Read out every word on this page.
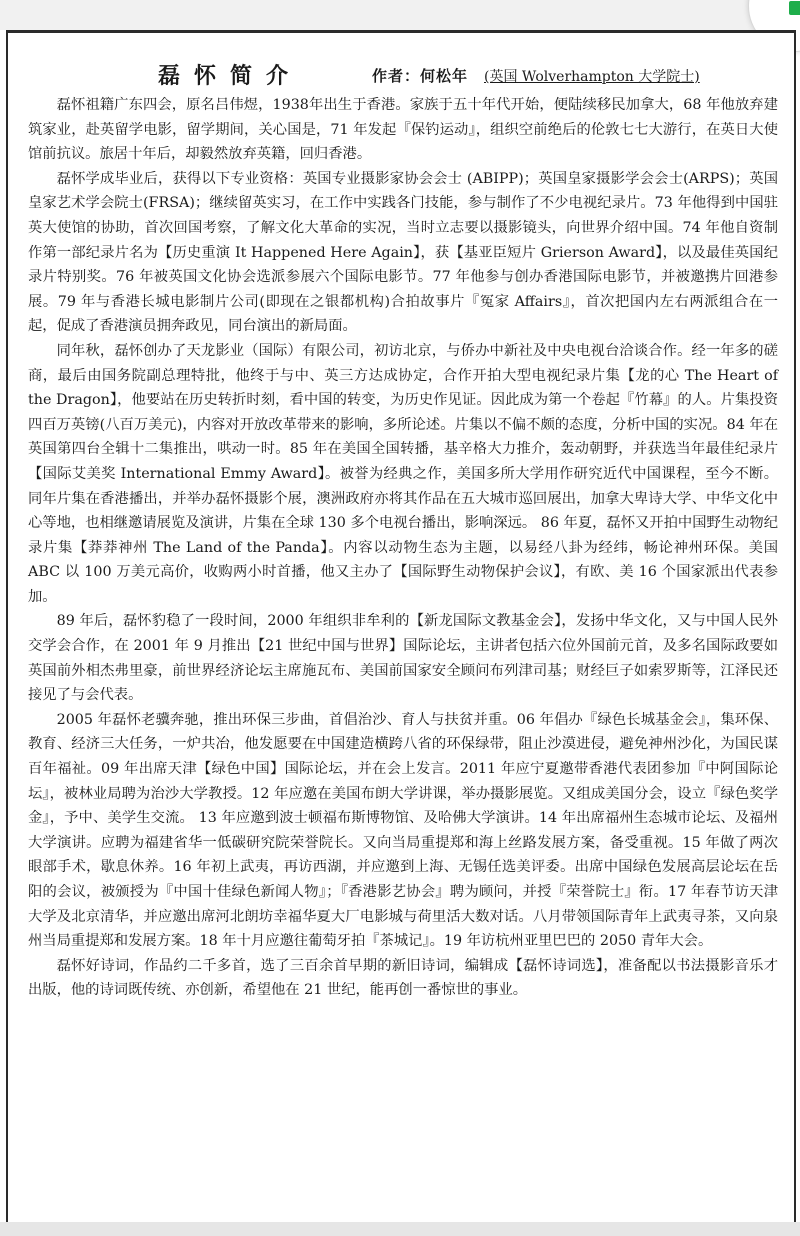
磊怀简介	作者：何松年 (英国 Wolverhampton 大学院士)

磊怀祖籍广东四会，原名吕伟煜，1938年出生于香港。家族于五十年代开始，便陆续移民加拿大，68 年他放弃建筑家业，赴英留学电影，留学期间，关心国是，71 年发起『保钓运动』，组织空前绝后的伦敦七七大游行，在英日大使馆前抗议。旅居十年后，却毅然放弃英籍，回归香港。

磊怀学成毕业后，获得以下专业资格：英国专业摄影家协会会士 (ABIPP)；英国皇家摄影学会会士(ARPS)；英国皇家艺术学会院士(FRSA)；继续留英实习，在工作中实践各门技能，参与制作了不少电视纪录片。73 年他得到中国驻英大使馆的协助，首次回国考察，了解文化大革命的实况，当时立志要以摄影镜头，向世界介绍中国。74 年他自资制作第一部纪录片名为【历史重演 It Happened Here Again】，获【基亚臣短片 Grierson Award】，以及最佳英国纪录片特别奖。76 年被英国文化协会选派参展六个国际电影节。77 年他参与创办香港国际电影节，并被邀携片回港参展。79 年与香港长城电影制片公司(即现在之银都机构)合拍故事片『冤家 Affairs』，首次把国内左右两派组合在一起，促成了香港演员拥奔政见，同台演出的新局面。

同年秋，磊怀创办了天龙影业（国际）有限公司，初访北京，与侨办中新社及中央电视台洽谈合作。经一年多的磋商，最后由国务院副总理特批，他终于与中、英三方达成协定，合作开拍大型电视纪录片集【龙的心 The Heart of the Dragon】，他要站在历史转折时刻，看中国的转变，为历史作见证。因此成为第一个卷起『竹幕』的人。片集投资四百万英镑(八百万美元)，内容对开放改革带来的影响，多所论述。片集以不偏不颇的态度，分析中国的实况。84 年在英国第四台全辑十二集推出，哄动一时。85 年在美国全国转播，基辛格大力推介，轰动朝野，并获选当年最佳纪录片【国际艾美奖 International Emmy Award】。被誉为经典之作，美国多所大学用作研究近代中国课程，至今不断。同年片集在香港播出，并举办磊怀摄影个展，澳洲政府亦将其作品在五大城市巡回展出，加拿大卑诗大学、中华文化中心等地，也相继邀请展览及演讲，片集在全球 130 多个电视台播出，影响深远。 86 年夏，磊怀又开拍中国野生动物纪录片集【莽莽神州 The Land of the Panda】。内容以动物生态为主题，以易经八卦为经纬，畅论神州环保。美国 ABC 以 100 万美元高价，收购两小时首播，他又主办了【国际野生动物保护会议】，有欧、美 16 个国家派出代表参加。

89 年后，磊怀豹稳了一段时间，2000 年组织非牟利的【新龙国际文教基金会】，发扬中华文化，又与中国人民外交学会合作，在 2001 年 9 月推出【21 世纪中国与世界】国际论坛，主讲者包括六位外国前元首，及多名国际政要如英国前外相杰弗里豪，前世界经济论坛主席施瓦布、美国前国家安全顾问布列津司基；财经巨子如索罗斯等，江泽民还接见了与会代表。

2005 年磊怀老骥奔驰，推出环保三步曲，首倡治沙、育人与扶贫并重。06 年倡办『绿色长城基金会』，集环保、教育、经济三大任务，一炉共冶，他发愿要在中国建造横跨八省的环保绿带，阻止沙漠进侵，避免神州沙化，为国民谋百年福祉。09 年出席天津【绿色中国】国际论坛，并在会上发言。2011 年应宁夏邀带香港代表团参加『中阿国际论坛』，被林业局聘为治沙大学教授。12 年应邀在美国布朗大学讲课，举办摄影展览。又组成美国分会，设立『绿色奖学金』，予中、美学生交流。 13 年应邀到波士顿福布斯博物馆、及哈佛大学演讲。14 年出席福州生态城市论坛、及福州大学演讲。应聘为福建省华一低碳研究院荣誉院长。又向当局重提郑和海上丝路发展方案，备受重视。15 年做了两次眼部手术，歇息休养。16 年初上武夷，再访西湖，并应邀到上海、无锡任选美评委。出席中国绿色发展高层论坛在岳阳的会议，被颁授为『中国十佳绿色新闻人物』；『香港影艺协会』聘为顾问，并授『荣誉院士』衔。17 年春节访天津大学及北京清华，并应邀出席河北朗坊幸福华夏大厂电影城与荷里活大数对话。八月带领国际青年上武夷寻茶，又向泉州当局重提郑和发展方案。18 年十月应邀往葡萄牙拍『茶城记』。19 年访杭州亚里巴巴的 2050 青年大会。

磊怀好诗词，作品约二千多首，选了三百余首早期的新旧诗词，编辑成【磊怀诗词选】，准备配以书法摄影音乐才出版，他的诗词既传统、亦创新，希望他在 21 世纪，能再创一番惊世的事业。
